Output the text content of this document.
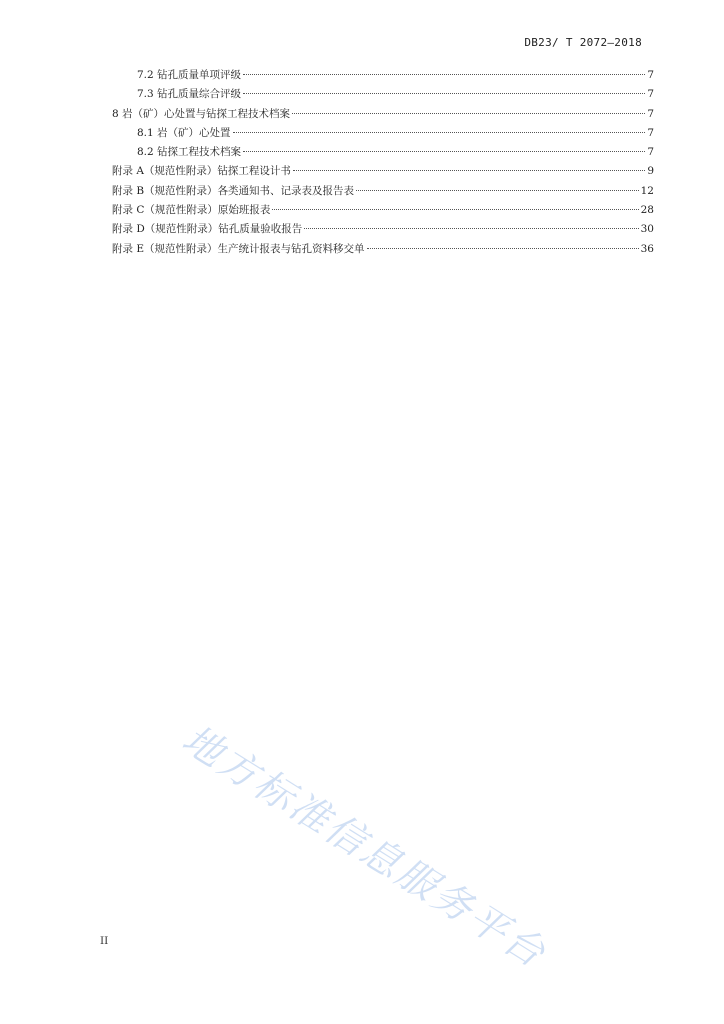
DB23/ T 2072—2018
7.2 钻孔质量单项评级	7
7.3 钻孔质量综合评级	7
8 岩（矿）心处置与钻探工程技术档案	7
8.1 岩（矿）心处置	7
8.2 钻探工程技术档案	7
附录 A（规范性附录）钻探工程设计书	9
附录 B（规范性附录）各类通知书、记录表及报告表	12
附录 C（规范性附录）原始班报表	28
附录 D（规范性附录）钻孔质量验收报告	30
附录 E（规范性附录）生产统计报表与钻孔资料移交单	36
地方标准信息服务平台
II
